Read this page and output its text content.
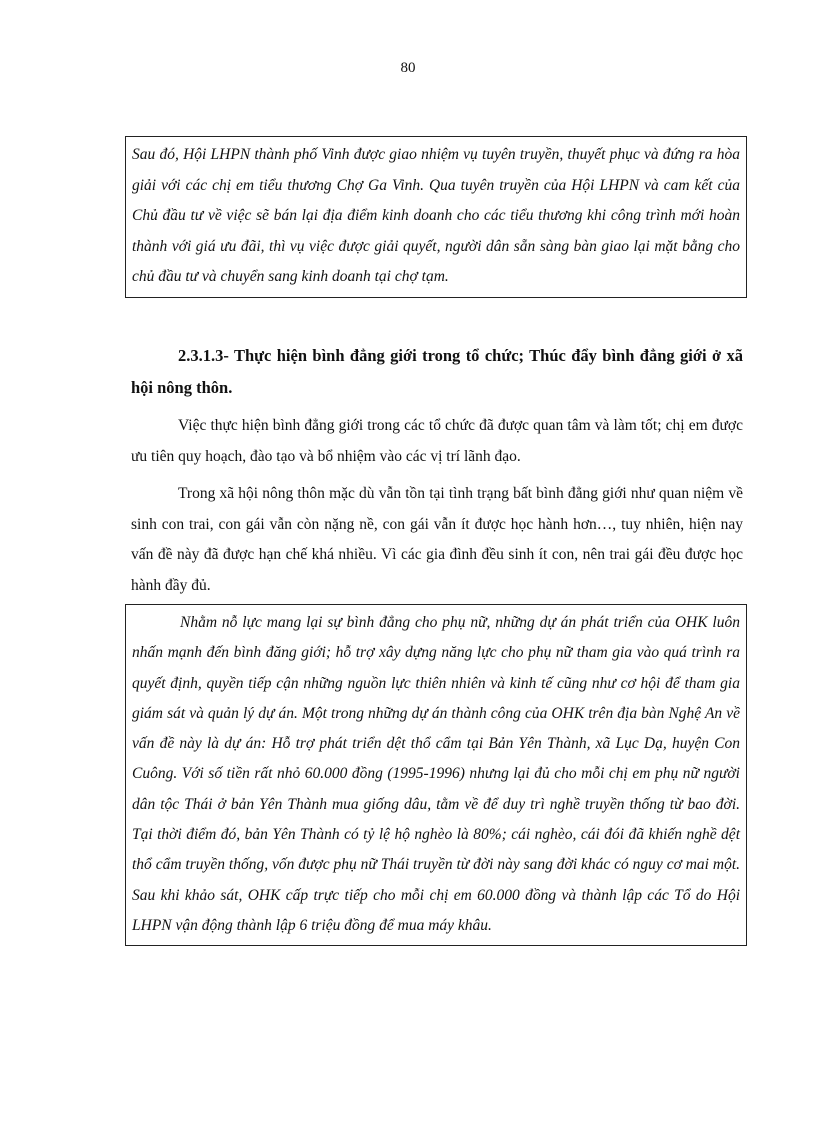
80

Sau đó, Hội LHPN thành phố Vinh được giao nhiệm vụ tuyên truyền, thuyết phục và đứng ra hòa giải với các chị em tiểu thương Chợ Ga Vinh. Qua tuyên truyền của Hội LHPN và cam kết của Chủ đầu tư về việc sẽ bán lại địa điểm kinh doanh cho các tiểu thương khi công trình mới hoàn thành với giá ưu đãi, thì vụ việc được giải quyết, người dân sẵn sàng bàn giao lại mặt bằng cho chủ đầu tư và chuyển sang kinh doanh tại chợ tạm.

2.3.1.3- Thực hiện bình đẳng giới trong tổ chức; Thúc đẩy bình đẳng giới ở xã hội nông thôn.

Việc thực hiện bình đẳng giới trong các tổ chức đã được quan tâm và làm tốt; chị em được ưu tiên quy hoạch, đào tạo và bổ nhiệm vào các vị trí lãnh đạo.

Trong xã hội nông thôn mặc dù vẫn tồn tại tình trạng bất bình đẳng giới như quan niệm về sinh con trai, con gái vẫn còn nặng nề, con gái vẫn ít được học hành hơn…, tuy nhiên, hiện nay vấn đề này đã được hạn chế khá nhiều. Vì các gia đình đều sinh ít con, nên trai gái đều được học hành đầy đủ.

Nhằm nỗ lực mang lại sự bình đẳng cho phụ nữ, những dự án phát triển của OHK luôn nhấn mạnh đến bình đăng giới; hỗ trợ xây dựng năng lực cho phụ nữ tham gia vào quá trình ra quyết định, quyền tiếp cận những nguồn lực thiên nhiên và kinh tế cũng như cơ hội để tham gia giám sát và quản lý dự án. Một trong những dự án thành công của OHK trên địa bàn Nghệ An về vấn đề này là dự án: Hỗ trợ phát triển dệt thổ cẩm tại Bản Yên Thành, xã Lục Dạ, huyện Con Cuông. Với số tiền rất nhỏ 60.000 đồng (1995-1996) nhưng lại đủ cho mỗi chị em phụ nữ người dân tộc Thái ở bản Yên Thành mua giống dâu, tằm về để duy trì nghề truyền thống từ bao đời. Tại thời điểm đó, bản Yên Thành có tỷ lệ hộ nghèo là 80%; cái nghèo, cái đói đã khiến nghề dệt thổ cẩm truyền thống, vốn được phụ nữ Thái truyền từ đời này sang đời khác có nguy cơ mai một. Sau khi khảo sát, OHK cấp trực tiếp cho mỗi chị em 60.000 đồng và thành lập các Tổ do Hội LHPN vận động thành lập 6 triệu đồng để mua máy khâu.
